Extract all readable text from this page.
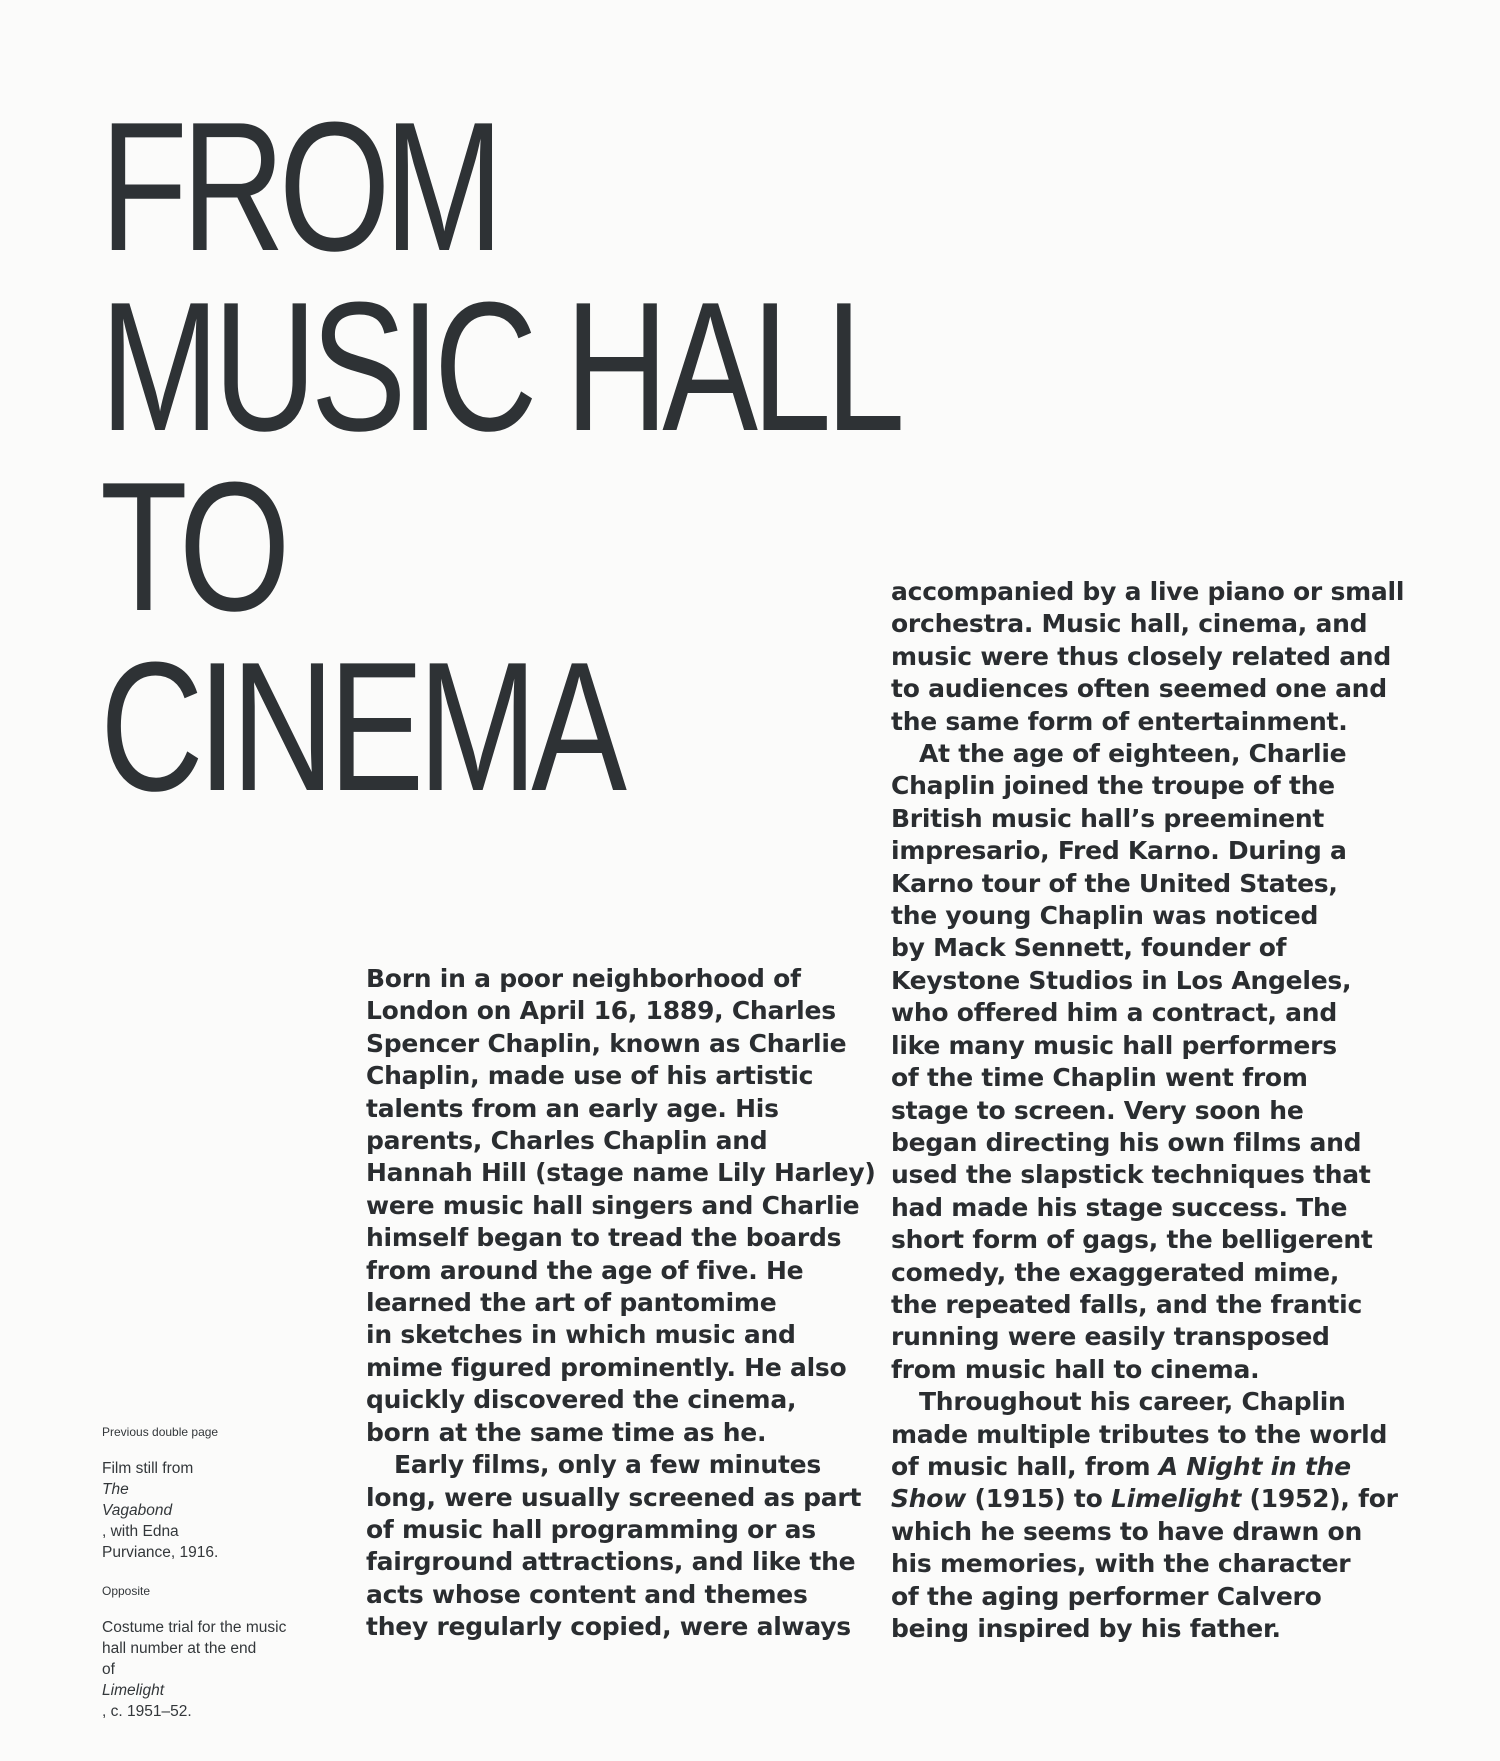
FROM
MUSIC HALL
TO
CINEMA
Born in a poor neighborhood of
London on April 16, 1889, Charles
Spencer Chaplin, known as Charlie
Chaplin, made use of his artistic
talents from an early age. His
parents, Charles Chaplin and
Hannah Hill (stage name Lily Harley)
were music hall singers and Charlie
himself began to tread the boards
from around the age of five. He
learned the art of pantomime
in sketches in which music and
mime figured prominently. He also
quickly discovered the cinema,
born at the same time as he.
Early films, only a few minutes
long, were usually screened as part
of music hall programming or as
fairground attractions, and like the
acts whose content and themes
they regularly copied, were always
accompanied by a live piano or small
orchestra. Music hall, cinema, and
music were thus closely related and
to audiences often seemed one and
the same form of entertainment.
At the age of eighteen, Charlie
Chaplin joined the troupe of the
British music hall’s preeminent
impresario, Fred Karno. During a
Karno tour of the United States,
the young Chaplin was noticed
by Mack Sennett, founder of
Keystone Studios in Los Angeles,
who offered him a contract, and
like many music hall performers
of the time Chaplin went from
stage to screen. Very soon he
began directing his own films and
used the slapstick techniques that
had made his stage success. The
short form of gags, the belligerent
comedy, the exaggerated mime,
the repeated falls, and the frantic
running were easily transposed
from music hall to cinema.
Throughout his career, Chaplin
made multiple tributes to the world
of music hall, from A Night in the
Show (1915) to Limelight (1952), for
which he seems to have drawn on
his memories, with the character
of the aging performer Calvero
being inspired by his father.
Previous double page
Film still from
The
Vagabond
, with Edna
Purviance, 1916.
Opposite
Costume trial for the music
hall number at the end
of
Limelight
, c. 1951–52.
